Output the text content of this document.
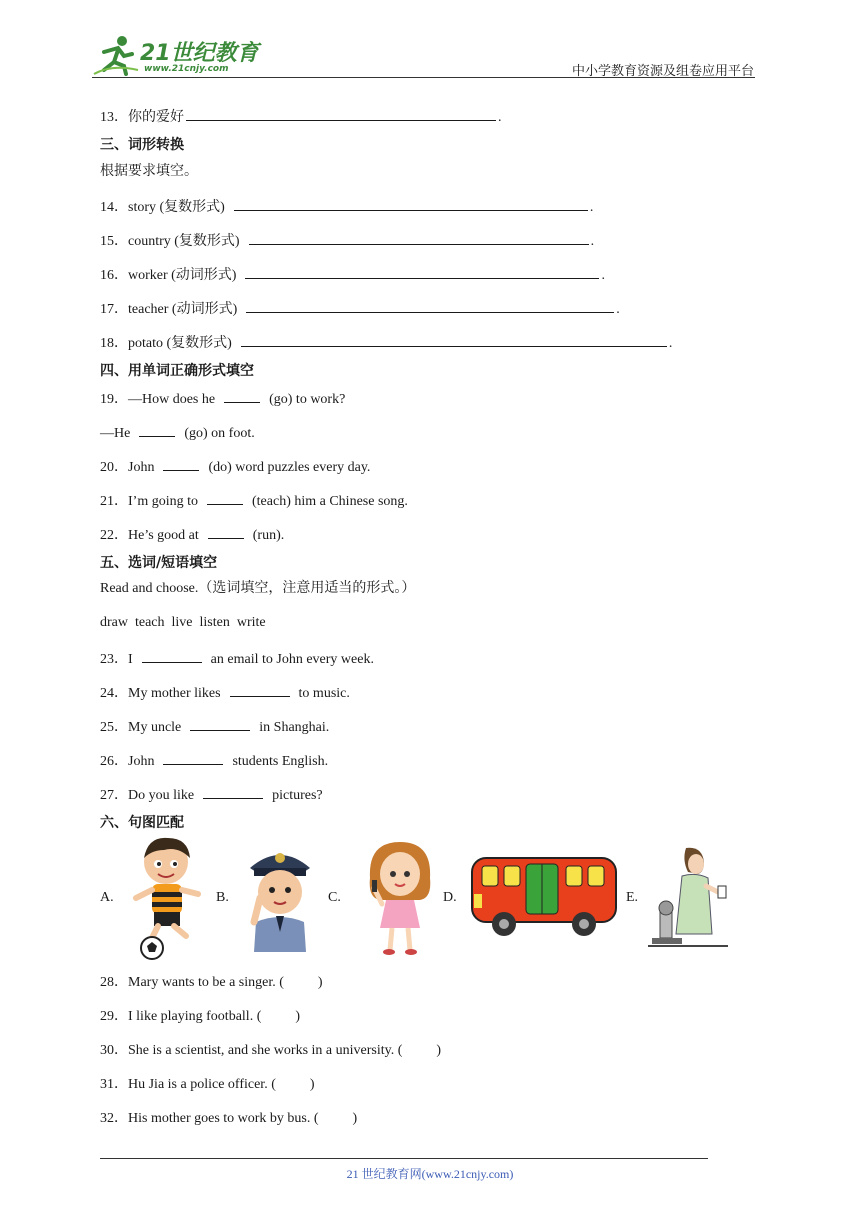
21世纪教育
www.21cnjy.com	中小学教育资源及组卷应用平台
13．你的爱好	.
三、词形转换
根据要求填空。
14．story (复数形式)	.
15．country (复数形式)	.
16．worker (动词形式)	.
17．teacher (动词形式)	.
18．potato (复数形式)	.
四、用单词正确形式填空
19．—How does he	(go) to work?
—He	(go) on foot.
20．John	(do) word puzzles every day.
21．I’m going to	(teach) him a Chinese song.
22．He’s good at	(run).
五、选词/短语填空
Read and choose.（选词填空，注意用适当的形式。）
draw  teach  live  listen  write
23．I	an email to John every week.
24．My mother likes	to music.
25．My uncle	in Shanghai.
26．John	students English.
27．Do you like	pictures?
六、句图匹配
A.	B.	C.	D.	E.
28．Mary wants to be a singer. ( )
29．I like playing football. ( )
30．She is a scientist, and she works in a university. ( )
31．Hu Jia is a police officer. ( )
32．His mother goes to work by bus. ( )
21 世纪教育网(www.21cnjy.com)
